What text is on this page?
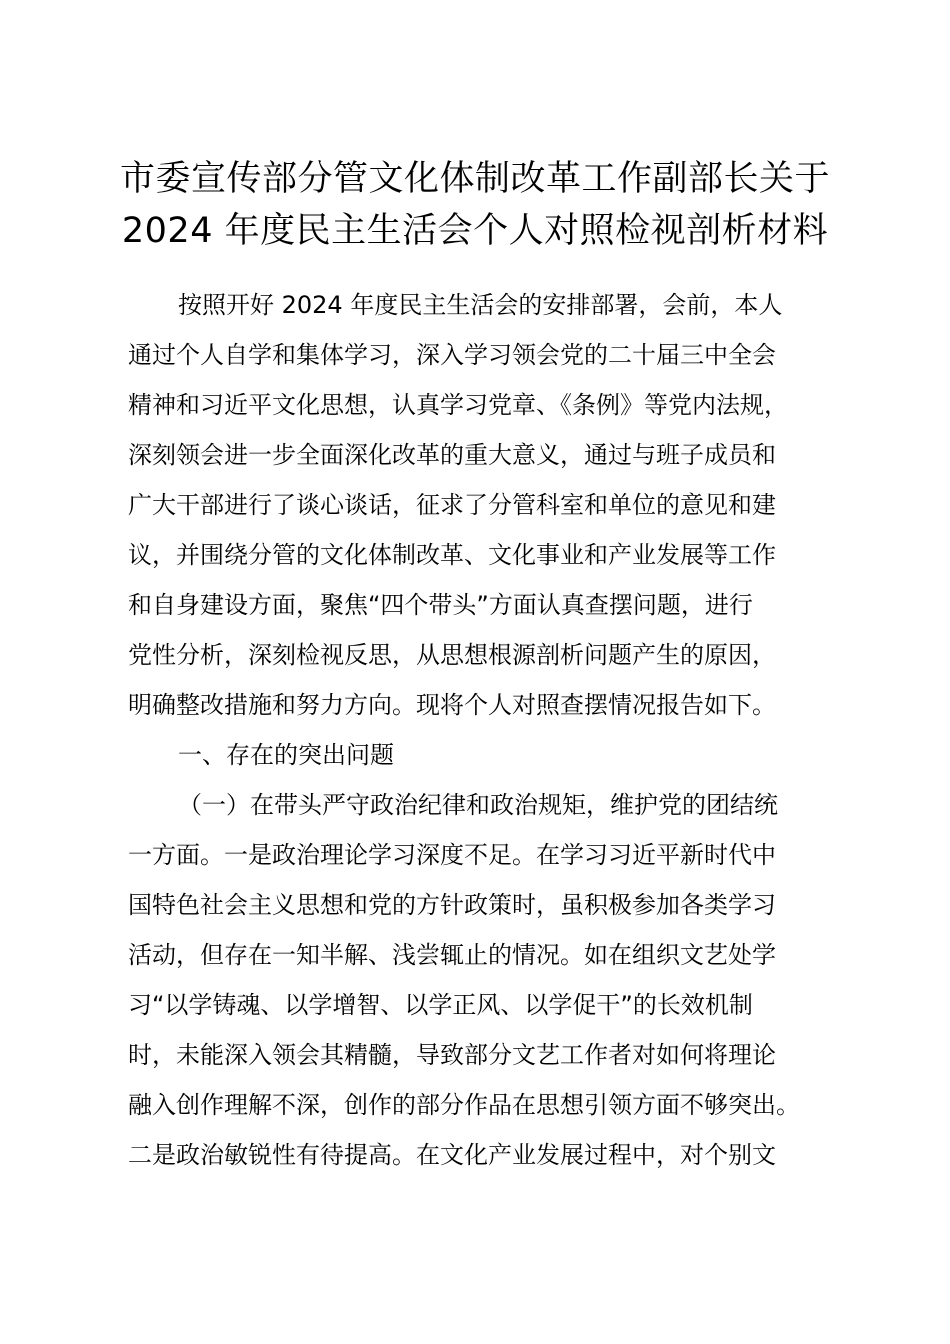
市委宣传部分管文化体制改革工作副部长关于
2024 年度民主生活会个人对照检视剖析材料
按照开好 2024 年度民主生活会的安排部署，会前，本人
通过个人自学和集体学习，深入学习领会党的二十届三中全会
精神和习近平文化思想，认真学习党章、《条例》等党内法规，
深刻领会进一步全面深化改革的重大意义，通过与班子成员和
广大干部进行了谈心谈话，征求了分管科室和单位的意见和建
议，并围绕分管的文化体制改革、文化事业和产业发展等工作
和自身建设方面，聚焦“四个带头”方面认真查摆问题，进行
党性分析，深刻检视反思，从思想根源剖析问题产生的原因，
明确整改措施和努力方向。现将个人对照查摆情况报告如下。
一、存在的突出问题
（一）在带头严守政治纪律和政治规矩，维护党的团结统
一方面。一是政治理论学习深度不足。在学习习近平新时代中
国特色社会主义思想和党的方针政策时，虽积极参加各类学习
活动，但存在一知半解、浅尝辄止的情况。如在组织文艺处学
习“以学铸魂、以学增智、以学正风、以学促干”的长效机制
时，未能深入领会其精髓，导致部分文艺工作者对如何将理论
融入创作理解不深，创作的部分作品在思想引领方面不够突出。
二是政治敏锐性有待提高。在文化产业发展过程中，对个别文
